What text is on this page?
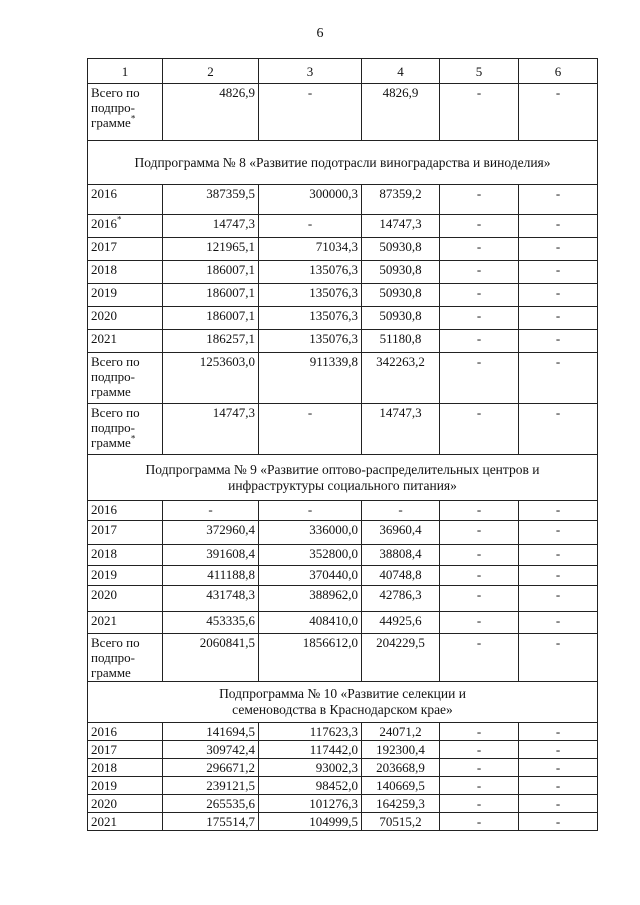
6
1	2	3	4	5	6

Всего по
подпро-
грамме*	4826,9	-	4826,9	-	-
Подпрограмма № 8 «Развитие подотрасли виноградарства и виноделия»					

2016	387359,5	300000,3	87359,2	-	-

2016*	14747,3	-	14747,3	-	-

2017	121965,1	71034,3	50930,8	-	-

2018	186007,1	135076,3	50930,8	-	-

2019	186007,1	135076,3	50930,8	-	-

2020	186007,1	135076,3	50930,8	-	-

2021	186257,1	135076,3	51180,8	-	-

Всего по
подпро-
грамме	1253603,0	911339,8	342263,2	-	-

Всего по
подпро-
грамме*	14747,3	-	14747,3	-	-

Подпрограмма № 9 «Развитие оптово-распределительных центров и
инфраструктуры социального питания»					

2016	-	-	-	-	-

2017	372960,4	336000,0	36960,4	-	-

2018	391608,4	352800,0	38808,4	-	-

2019	411188,8	370440,0	40748,8	-	-

2020	431748,3	388962,0	42786,3	-	-

2021	453335,6	408410,0	44925,6	-	-

Всего по
подпро-
грамме	2060841,5	1856612,0	204229,5	-	-

Подпрограмма № 10 «Развитие селекции и
семеноводства в Краснодарском крае»					

2016	141694,5	117623,3	24071,2	-	-

2017	309742,4	117442,0	192300,4	-	-

2018	296671,2	93002,3	203668,9	-	-

2019	239121,5	98452,0	140669,5	-	-

2020	265535,6	101276,3	164259,3	-	-

2021	175514,7	104999,5	70515,2	-	-
